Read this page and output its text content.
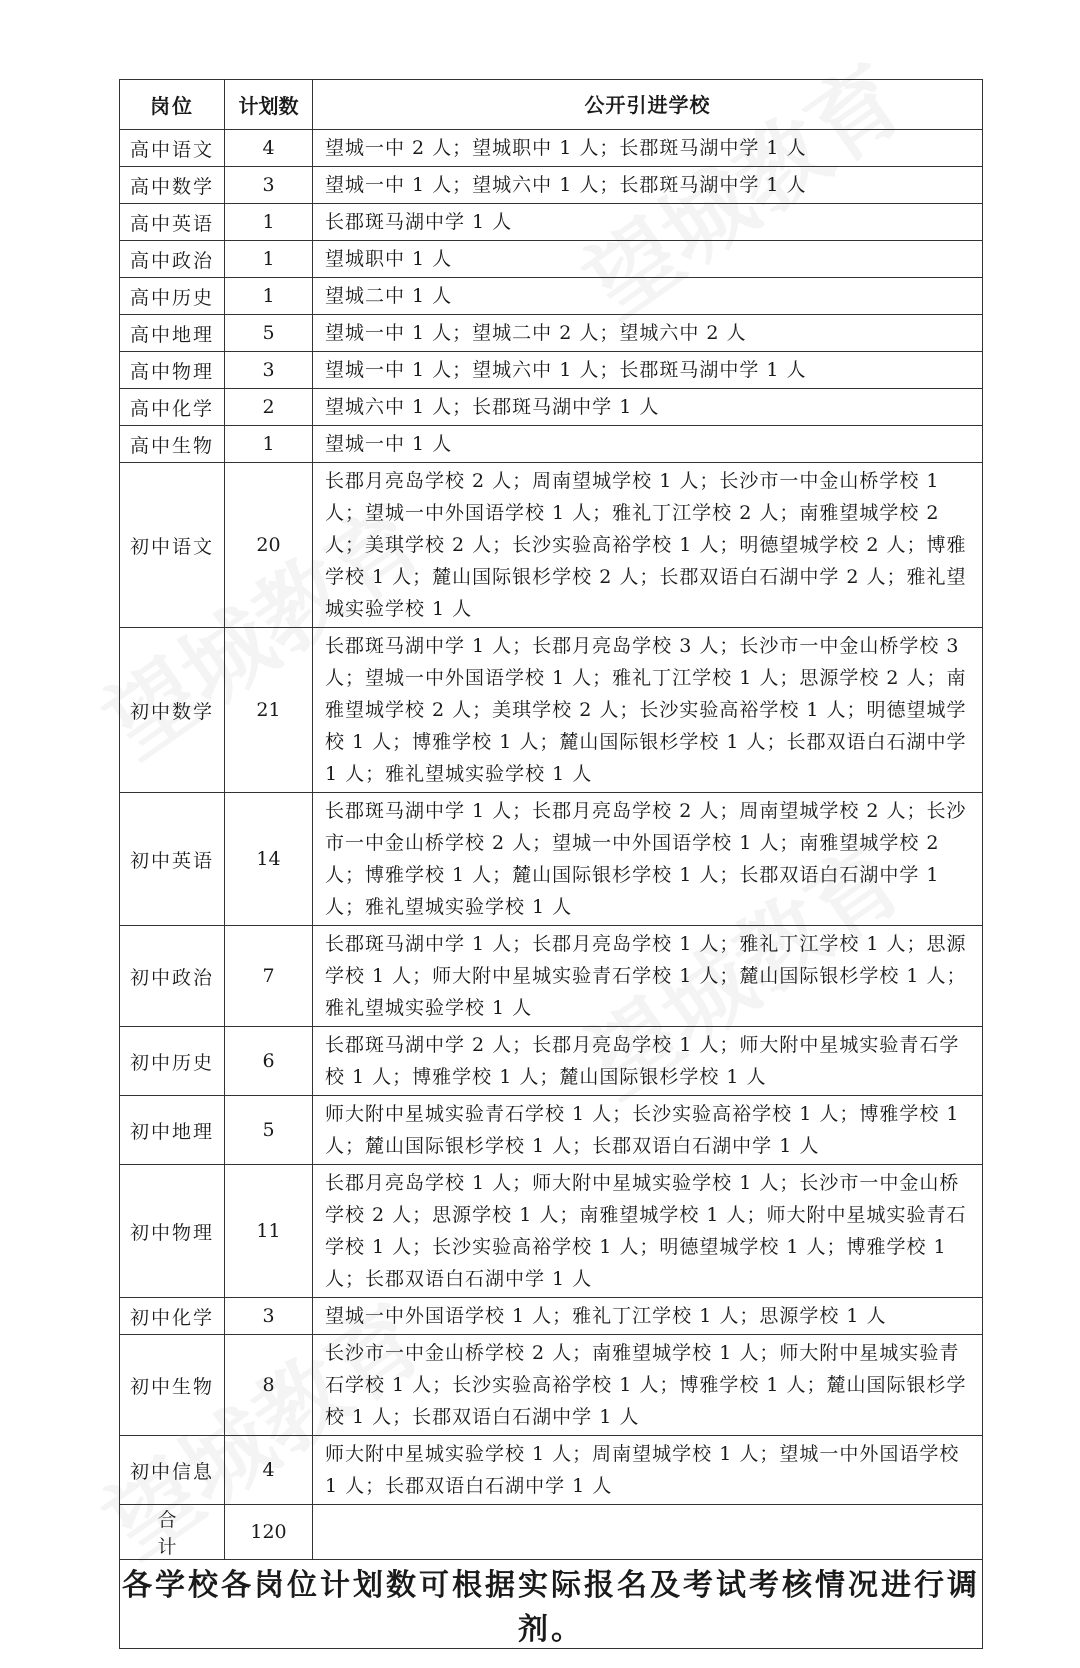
岗位	计划数	公开引进学校
高中语文	4	望城一中 2 人；望城职中 1 人；长郡斑马湖中学 1 人
高中数学	3	望城一中 1 人；望城六中 1 人；长郡斑马湖中学 1 人
高中英语	1	长郡斑马湖中学 1 人
高中政治	1	望城职中 1 人
高中历史	1	望城二中 1 人
高中地理	5	望城一中 1 人；望城二中 2 人；望城六中 2 人
高中物理	3	望城一中 1 人；望城六中 1 人；长郡斑马湖中学 1 人
高中化学	2	望城六中 1 人；长郡斑马湖中学 1 人
高中生物	1	望城一中 1 人
初中语文	20	长郡月亮岛学校 2 人；周南望城学校 1 人；长沙市一中金山桥学校 1 人；望城一中外国语学校 1 人；雅礼丁江学校 2 人；南雅望城学校 2 人；美琪学校 2 人；长沙实验高裕学校 1 人；明德望城学校 2 人；博雅学校 1 人；麓山国际银杉学校 2 人；长郡双语白石湖中学 2 人；雅礼望城实验学校 1 人
初中数学	21	长郡斑马湖中学 1 人；长郡月亮岛学校 3 人；长沙市一中金山桥学校 3 人；望城一中外国语学校 1 人；雅礼丁江学校 1 人；思源学校 2 人；南雅望城学校 2 人；美琪学校 2 人；长沙实验高裕学校 1 人；明德望城学校 1 人；博雅学校 1 人；麓山国际银杉学校 1 人；长郡双语白石湖中学 1 人；雅礼望城实验学校 1 人
初中英语	14	长郡斑马湖中学 1 人；长郡月亮岛学校 2 人；周南望城学校 2 人；长沙市一中金山桥学校 2 人；望城一中外国语学校 1 人；南雅望城学校 2 人；博雅学校 1 人；麓山国际银杉学校 1 人；长郡双语白石湖中学 1 人；雅礼望城实验学校 1 人
初中政治	7	长郡斑马湖中学 1 人；长郡月亮岛学校 1 人；雅礼丁江学校 1 人；思源学校 1 人；师大附中星城实验青石学校 1 人；麓山国际银杉学校 1 人；雅礼望城实验学校 1 人
初中历史	6	长郡斑马湖中学 2 人；长郡月亮岛学校 1 人；师大附中星城实验青石学校 1 人；博雅学校 1 人；麓山国际银杉学校 1 人
初中地理	5	师大附中星城实验青石学校 1 人；长沙实验高裕学校 1 人；博雅学校 1 人；麓山国际银杉学校 1 人；长郡双语白石湖中学 1 人
初中物理	11	长郡月亮岛学校 1 人；师大附中星城实验学校 1 人；长沙市一中金山桥学校 2 人；思源学校 1 人；南雅望城学校 1 人；师大附中星城实验青石学校 1 人；长沙实验高裕学校 1 人；明德望城学校 1 人；博雅学校 1 人；长郡双语白石湖中学 1 人
初中化学	3	望城一中外国语学校 1 人；雅礼丁江学校 1 人；思源学校 1 人
初中生物	8	长沙市一中金山桥学校 2 人；南雅望城学校 1 人；师大附中星城实验青石学校 1 人；长沙实验高裕学校 1 人；博雅学校 1 人；麓山国际银杉学校 1 人；长郡双语白石湖中学 1 人
初中信息	4	师大附中星城实验学校 1 人；周南望城学校 1 人；望城一中外国语学校 1 人；长郡双语白石湖中学 1 人
合 计	120	
各学校各岗位计划数可根据实际报名及考试考核情况进行调剂。		
